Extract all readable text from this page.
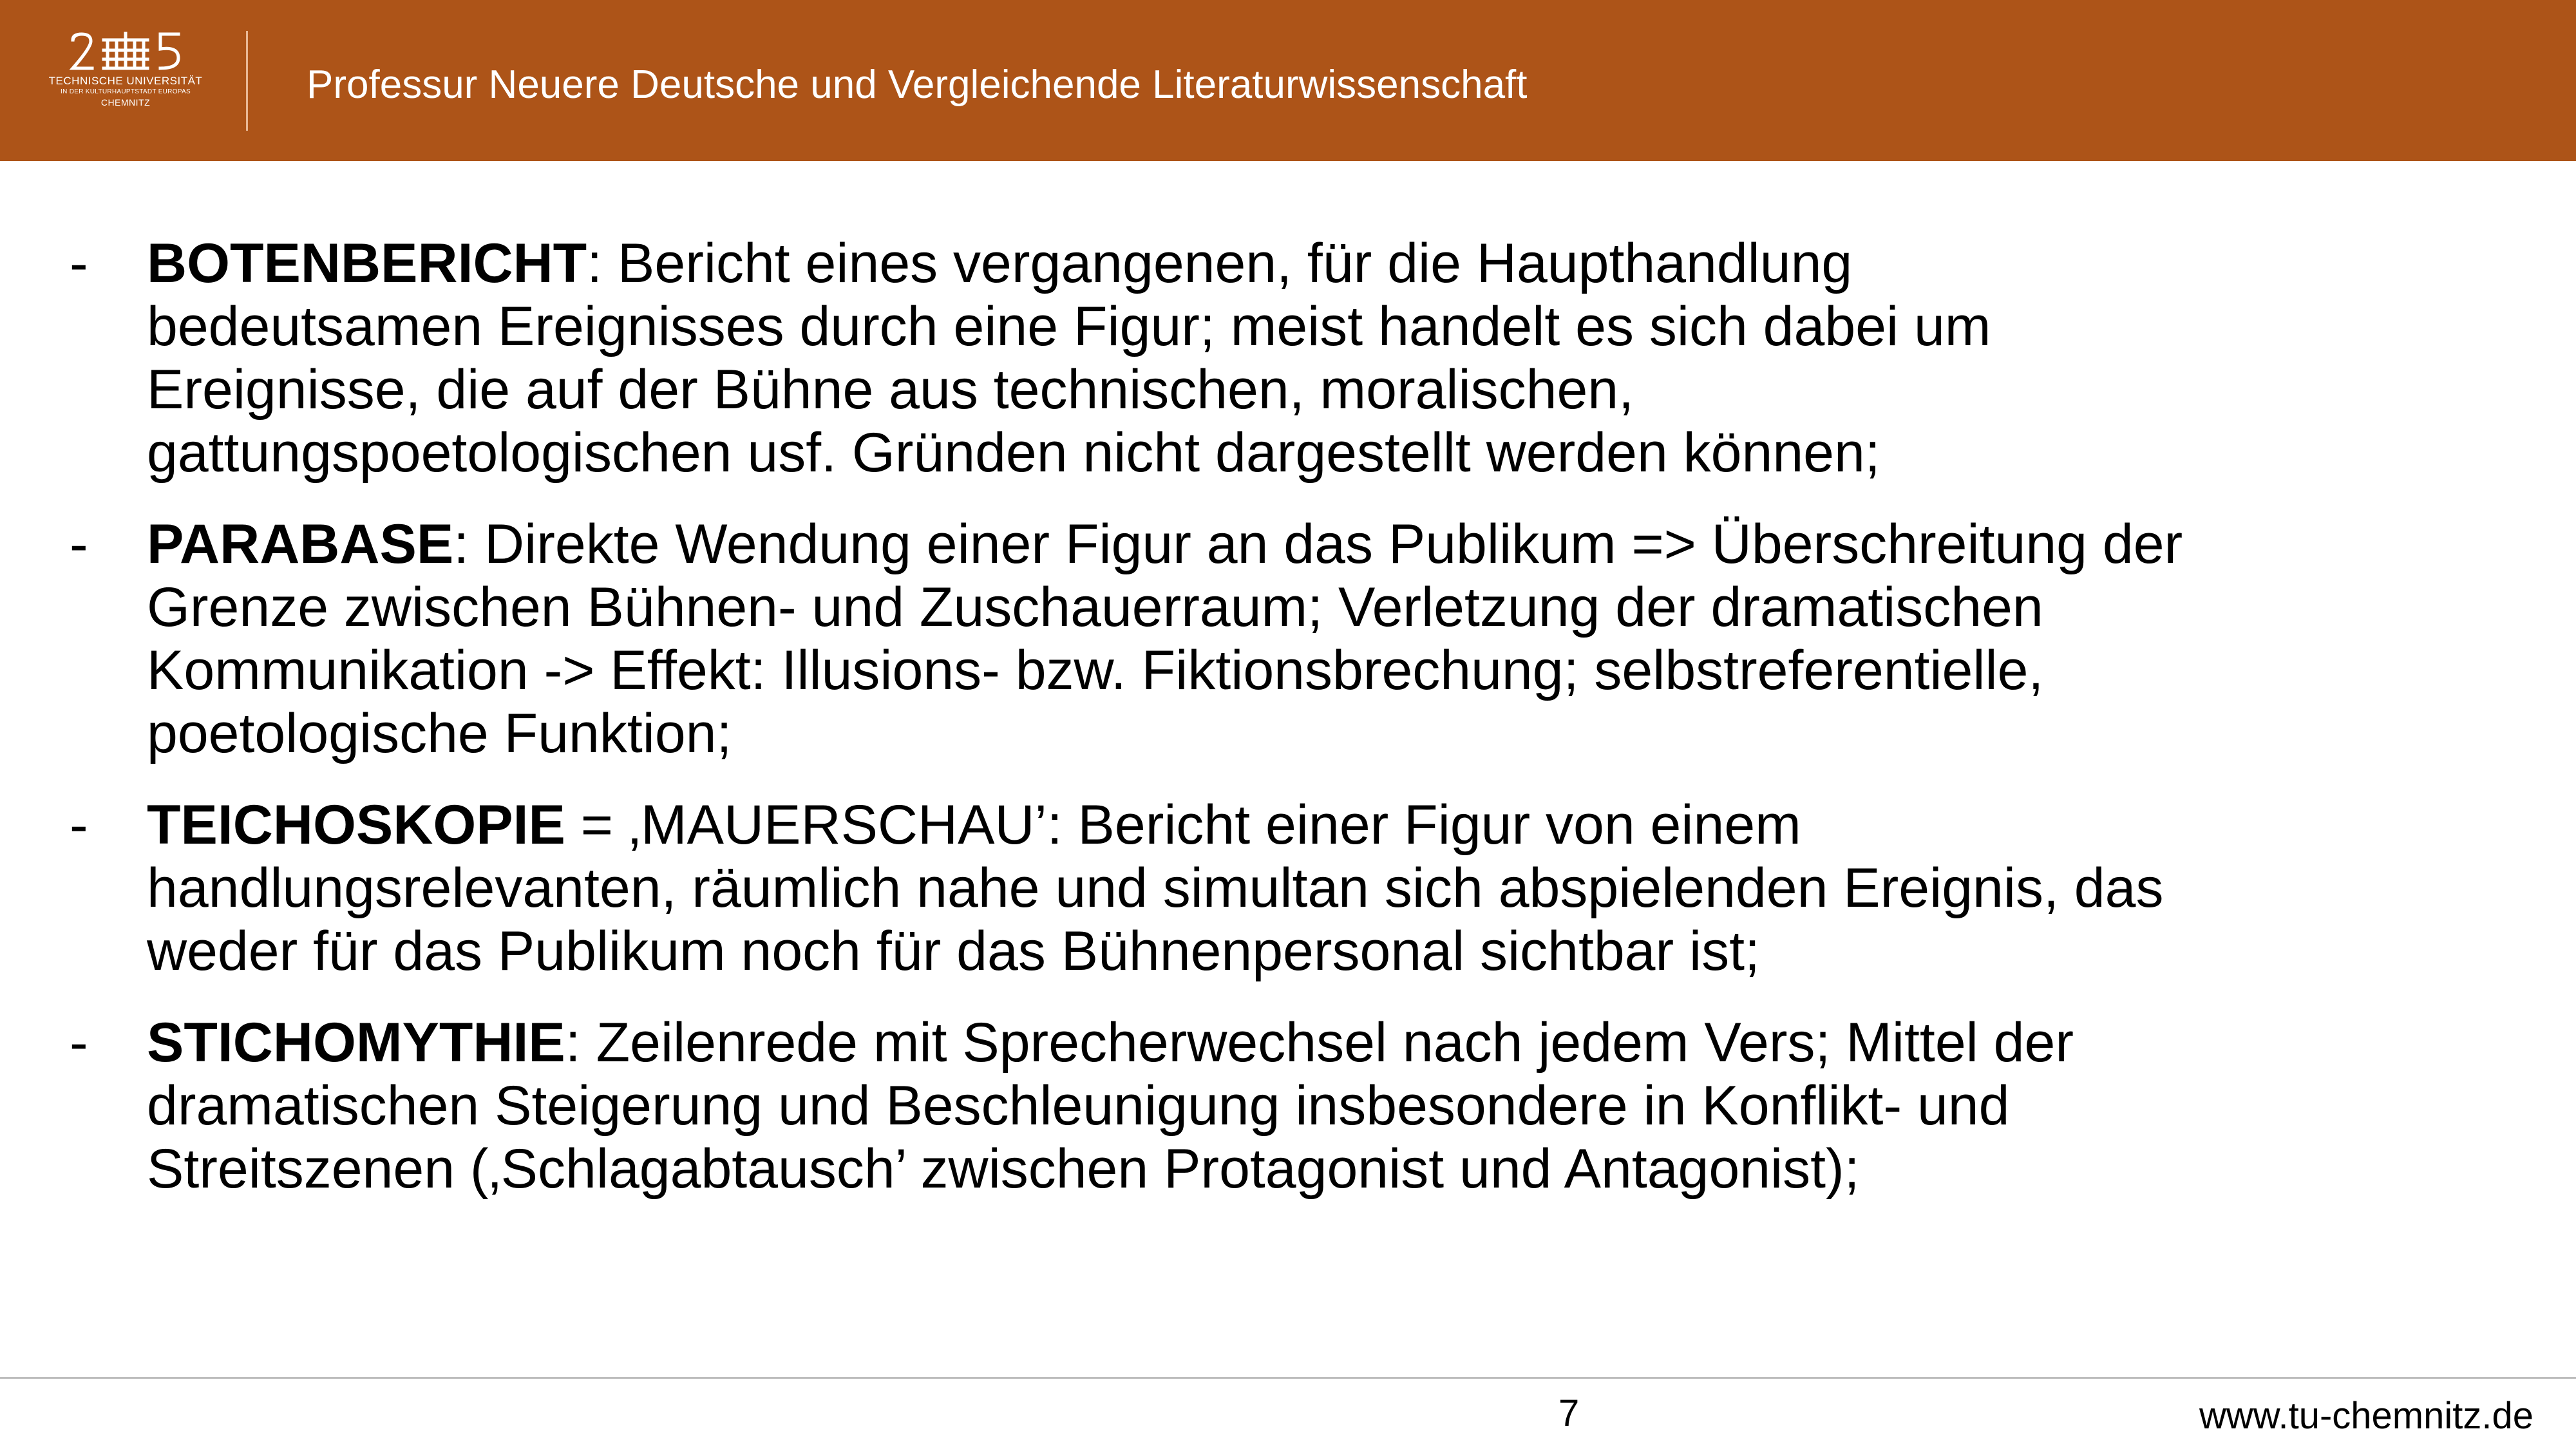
TECHNISCHE UNIVERSITÄT
IN DER KULTURHAUPTSTADT EUROPAS
CHEMNITZ	Professur Neuere Deutsche und Vergleichende Literaturwissenschaft
- BOTENBERICHT: Bericht eines vergangenen, für die Haupthandlung bedeutsamen Ereignisses durch eine Figur; meist handelt es sich dabei um Ereignisse, die auf der Bühne aus technischen, moralischen, gattungspoetologischen usf. Gründen nicht dargestellt werden können;
- PARABASE: Direkte Wendung einer Figur an das Publikum => Überschreitung der Grenze zwischen Bühnen- und Zuschauerraum; Verletzung der dramatischen Kommunikation -> Effekt: Illusions- bzw. Fiktionsbrechung; selbstreferentielle, poetologische Funktion;
- TEICHOSKOPIE = ‚MAUERSCHAU’: Bericht einer Figur von einem handlungsrelevanten, räumlich nahe und simultan sich abspielenden Ereignis, das weder für das Publikum noch für das Bühnenpersonal sichtbar ist;
- STICHOMYTHIE: Zeilenrede mit Sprecherwechsel nach jedem Vers; Mittel der dramatischen Steigerung und Beschleunigung insbesondere in Konflikt- und Streitszenen (‚Schlagabtausch’ zwischen Protagonist und Antagonist);
7	www.tu-chemnitz.de
